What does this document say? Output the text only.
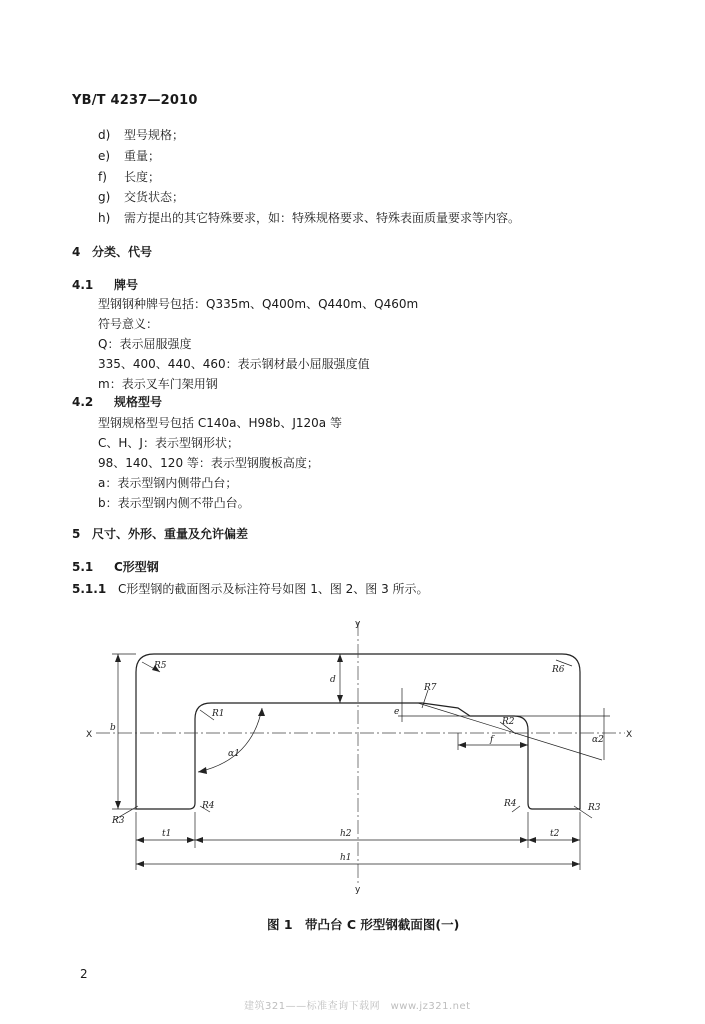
YB/T 4237—2010
d) 型号规格；
e) 重量；
f) 长度；
g) 交货状态；
h) 需方提出的其它特殊要求，如：特殊规格要求、特殊表面质量要求等内容。
4 分类、代号
4.1 牌号
型钢钢种牌号包括：Q335m、Q400m、Q440m、Q460m
符号意义：
Q：表示屈服强度
335、400、440、460：表示钢材最小屈服强度值
m：表示叉车门架用钢
4.2 规格型号
型钢规格型号包括 C140a、H98b、J120a 等
C、H、J：表示型钢形状；
98、140、120 等：表示型钢腹板高度；
a：表示型钢内侧带凸台；
b：表示型钢内侧不带凸台。
5 尺寸、外形、重量及允许偏差
5.1 C形型钢
5.1.1 C形型钢的截面图示及标注符号如图 1、图 2、图 3 所示。
y
y
X	X
R5	R6
R1
R7
R2
R3
R4	R4	R3
d
e
f
b
α1
α2
t1	h2	t2
h1
图 1　带凸台 C 形型钢截面图(一)
2
建筑321——标准查询下载网　www.jz321.net
